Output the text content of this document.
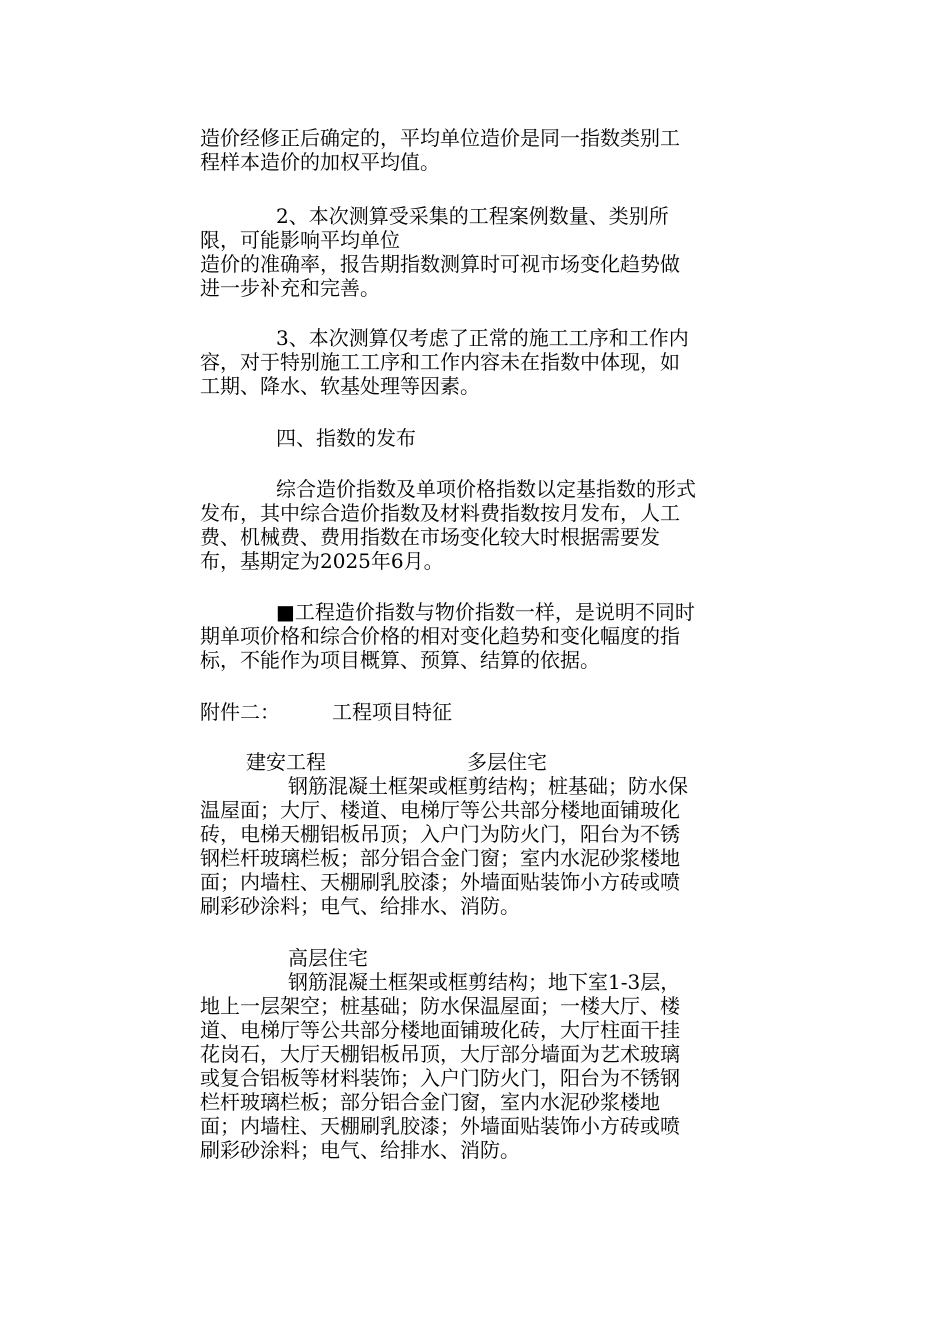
造价经修正后确定的，平均单位造价是同一指数类别工
程样本造价的加权平均值。
2、本次测算受采集的工程案例数量、类别所
限，可能影响平均单位
造价的准确率，报告期指数测算时可视市场变化趋势做
进一步补充和完善。
3、本次测算仅考虑了正常的施工工序和工作内
容，对于特别施工工序和工作内容未在指数中体现，如
工期、降水、软基处理等因素。
四、指数的发布
综合造价指数及单项价格指数以定基指数的形式
发布，其中综合造价指数及材料费指数按月发布，人工
费、机械费、费用指数在市场变化较大时根据需要发
布，基期定为2025年6月。
■工程造价指数与物价指数一样，是说明不同时
期单项价格和综合价格的相对变化趋势和变化幅度的指
标，不能作为项目概算、预算、结算的依据。
附件二：	工程项目特征
建安工程	多层住宅
钢筋混凝土框架或框剪结构；桩基础；防水保
温屋面；大厅、楼道、电梯厅等公共部分楼地面铺玻化
砖，电梯天棚铝板吊顶；入户门为防火门，阳台为不锈
钢栏杆玻璃栏板；部分铝合金门窗；室内水泥砂浆楼地
面；内墙柱、天棚刷乳胶漆；外墙面贴装饰小方砖或喷
刷彩砂涂料；电气、给排水、消防。
高层住宅
钢筋混凝土框架或框剪结构；地下室1-3层，
地上一层架空；桩基础；防水保温屋面；一楼大厅、楼
道、电梯厅等公共部分楼地面铺玻化砖，大厅柱面干挂
花岗石，大厅天棚铝板吊顶，大厅部分墙面为艺术玻璃
或复合铝板等材料装饰；入户门防火门，阳台为不锈钢
栏杆玻璃栏板；部分铝合金门窗，室内水泥砂浆楼地
面；内墙柱、天棚刷乳胶漆；外墙面贴装饰小方砖或喷
刷彩砂涂料；电气、给排水、消防。
